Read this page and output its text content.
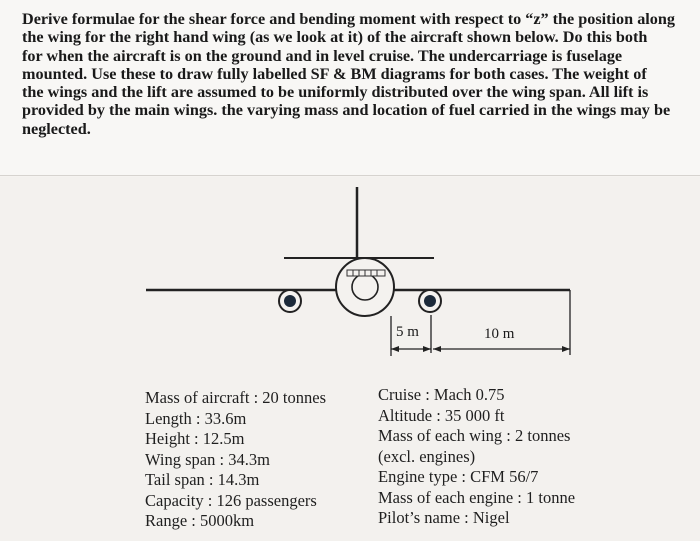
Derive formulae for the shear force and bending moment with respect to “z” the position along
the wing for the right hand wing (as we look at it) of the aircraft shown below. Do this both
for when the aircraft is on the ground and in level cruise. The undercarriage is fuselage
mounted. Use these to draw fully labelled SF & BM diagrams for both cases. The weight of
the wings and the lift are assumed to be uniformly distributed over the wing span. All lift is
provided by the main wings. the varying mass and location of fuel carried in the wings may be
neglected.

5 m	10 m
Mass of aircraft : 20 tonnes
Length : 33.6m
Height : 12.5m
Wing span : 34.3m
Tail span : 14.3m
Capacity : 126 passengers
Range : 5000km
Cruise : Mach 0.75
Altitude : 35 000 ft
Mass of each wing : 2 tonnes
(excl. engines)
Engine type : CFM 56/7
Mass of each engine : 1 tonne
Pilot’s name : Nigel
